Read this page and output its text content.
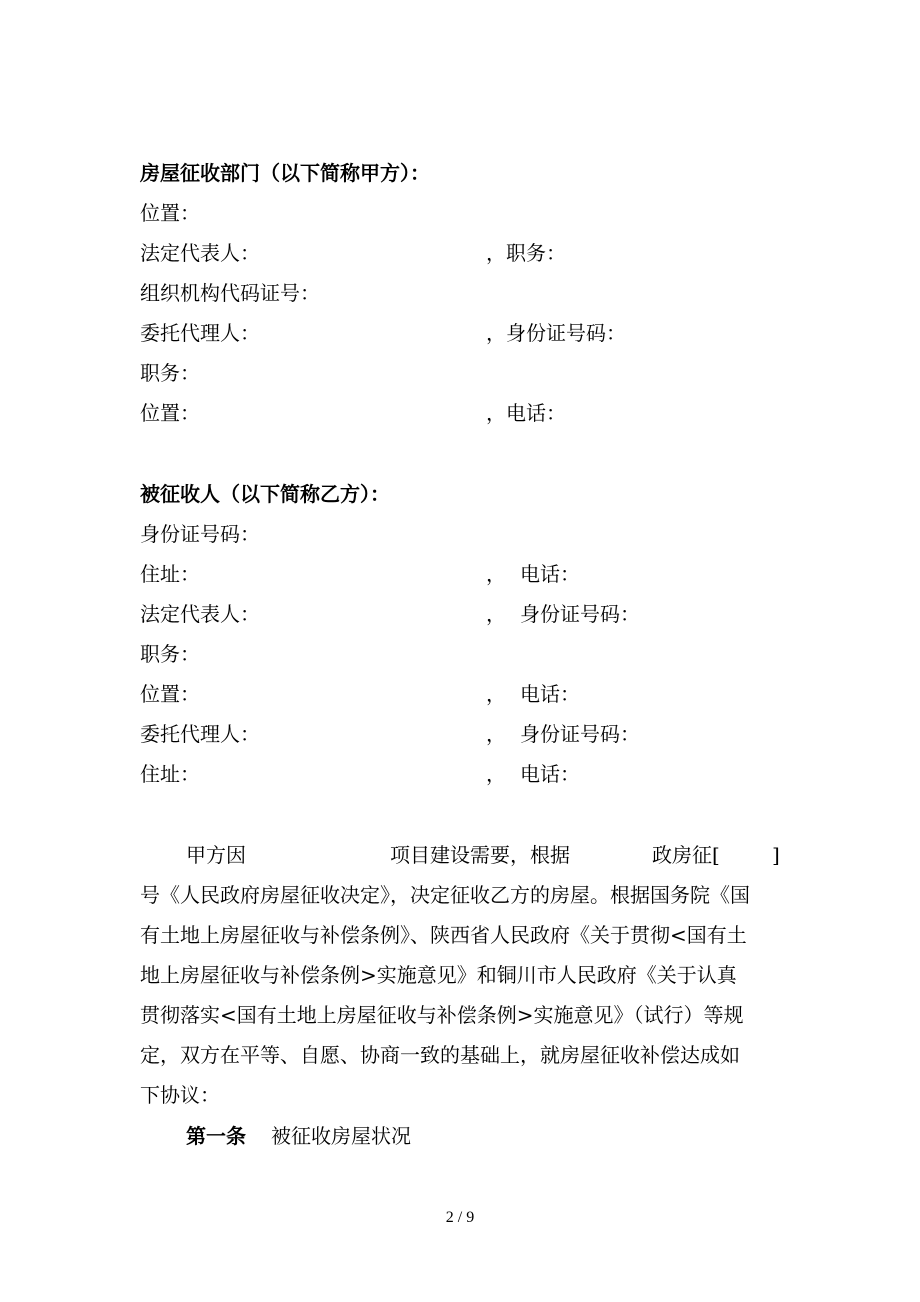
房屋征收部门（以下简称甲方）：
位置：
法定代表人：	，职务：
组织机构代码证号：
委托代理人：	，身份证号码：
职务：
位置：	，电话：
被征收人（以下简称乙方）：
身份证号码：
住址：	， 电话：
法定代表人：	， 身份证号码：
职务：
位置：	， 电话：
委托代理人：	， 身份证号码：
住址：	， 电话：
甲方因	项目建设需要，根据	政房征[	]
号《人民政府房屋征收决定》，决定征收乙方的房屋。根据国务院《国
有土地上房屋征收与补偿条例》、陕西省人民政府《关于贯彻<国有土
地上房屋征收与补偿条例>实施意见》和铜川市人民政府《关于认真
贯彻落实<国有土地上房屋征收与补偿条例>实施意见》（试行）等规
定，双方在平等、自愿、协商一致的基础上，就房屋征收补偿达成如
下协议：
第一条 被征收房屋状况
2 / 9
